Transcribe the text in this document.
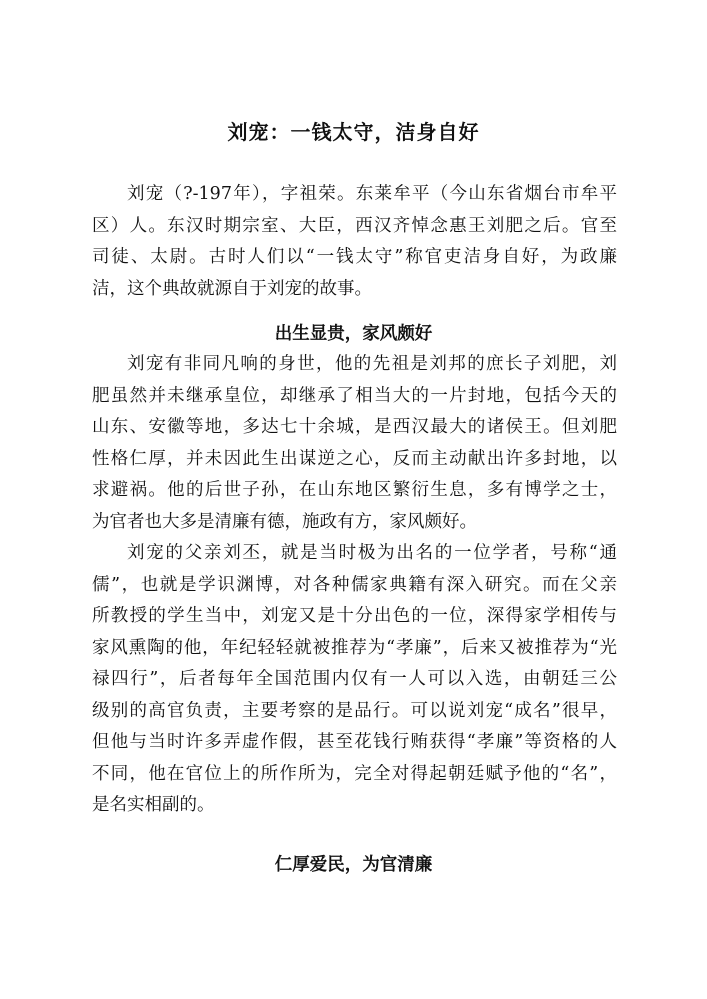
刘宠：一钱太守，洁身自好
刘宠（?-197年），字祖荣。东莱牟平（今山东省烟台市牟平
区）人。东汉时期宗室、大臣，西汉齐悼念惠王刘肥之后。官至
司徒、太尉。古时人们以“一钱太守”称官吏洁身自好，为政廉
洁，这个典故就源自于刘宠的故事。
出生显贵，家风颇好
刘宠有非同凡响的身世，他的先祖是刘邦的庶长子刘肥，刘
肥虽然并未继承皇位，却继承了相当大的一片封地，包括今天的
山东、安徽等地，多达七十余城，是西汉最大的诸侯王。但刘肥
性格仁厚，并未因此生出谋逆之心，反而主动献出许多封地，以
求避祸。他的后世子孙，在山东地区繁衍生息，多有博学之士，
为官者也大多是清廉有德，施政有方，家风颇好。
刘宠的父亲刘丕，就是当时极为出名的一位学者，号称“通
儒”，也就是学识渊博，对各种儒家典籍有深入研究。而在父亲
所教授的学生当中，刘宠又是十分出色的一位，深得家学相传与
家风熏陶的他，年纪轻轻就被推荐为“孝廉”，后来又被推荐为“光
禄四行”，后者每年全国范围内仅有一人可以入选，由朝廷三公
级别的高官负责，主要考察的是品行。可以说刘宠“成名”很早，
但他与当时许多弄虚作假，甚至花钱行贿获得“孝廉”等资格的人
不同，他在官位上的所作所为，完全对得起朝廷赋予他的“名”，
是名实相副的。
仁厚爱民，为官清廉
